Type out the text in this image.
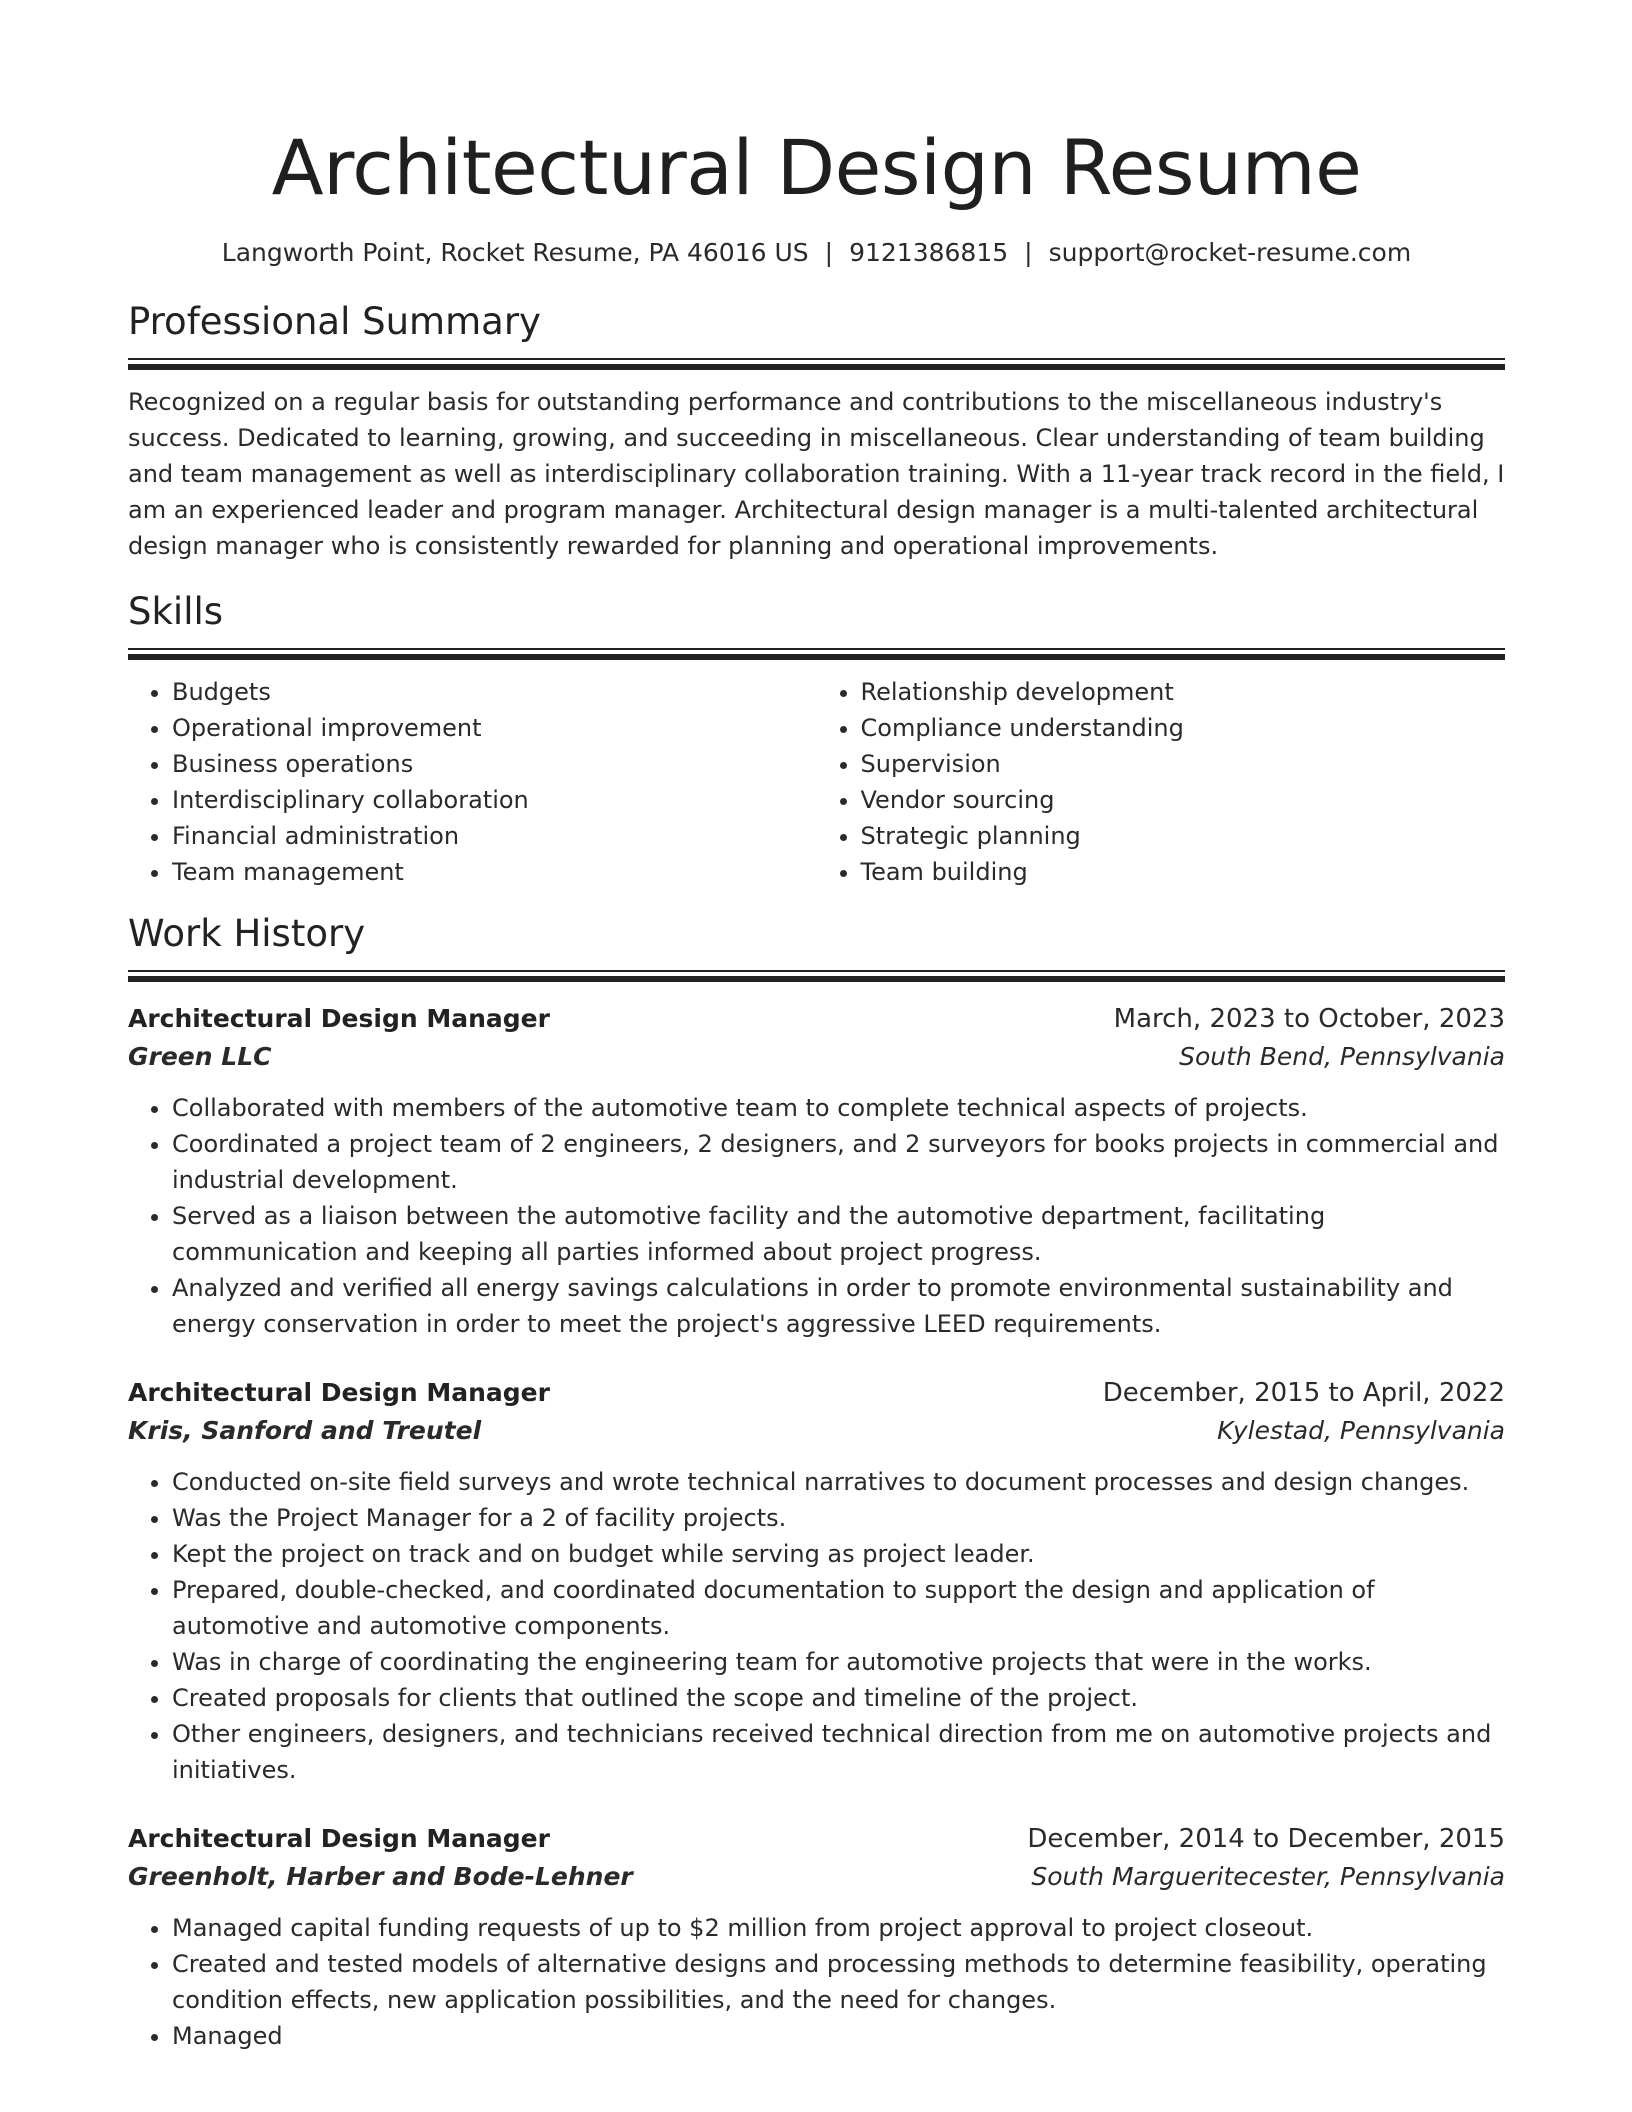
Architectural Design Resume
Langworth Point, Rocket Resume, PA 46016 US | 9121386815 | support@rocket-resume.com
Professional Summary

Recognized on a regular basis for outstanding performance and contributions to the miscellaneous industry's success. Dedicated to learning, growing, and succeeding in miscellaneous. Clear understanding of team building and team management as well as interdisciplinary collaboration training. With a 11-year track record in the field, I am an experienced leader and program manager. Architectural design manager is a multi-talented architectural design manager who is consistently rewarded for planning and operational improvements.

Skills
• Budgets
• Operational improvement
• Business operations
• Interdisciplinary collaboration
• Financial administration
• Team management
• Relationship development
• Compliance understanding
• Supervision
• Vendor sourcing
• Strategic planning
• Team building
Work History
Architectural Design Manager	March, 2023 to October, 2023
Green LLC	South Bend, Pennsylvania
• Collaborated with members of the automotive team to complete technical aspects of projects.
• Coordinated a project team of 2 engineers, 2 designers, and 2 surveyors for books projects in commercial and industrial development.
• Served as a liaison between the automotive facility and the automotive department, facilitating communication and keeping all parties informed about project progress.
• Analyzed and verified all energy savings calculations in order to promote environmental sustainability and energy conservation in order to meet the project's aggressive LEED requirements.
Architectural Design Manager	December, 2015 to April, 2022
Kris, Sanford and Treutel	Kylestad, Pennsylvania
• Conducted on-site field surveys and wrote technical narratives to document processes and design changes.
• Was the Project Manager for a 2 of facility projects.
• Kept the project on track and on budget while serving as project leader.
• Prepared, double-checked, and coordinated documentation to support the design and application of automotive and automotive components.
• Was in charge of coordinating the engineering team for automotive projects that were in the works.
• Created proposals for clients that outlined the scope and timeline of the project.
• Other engineers, designers, and technicians received technical direction from me on automotive projects and initiatives.
Architectural Design Manager	December, 2014 to December, 2015
Greenholt, Harber and Bode-Lehner	South Margueritecester, Pennsylvania
• Managed capital funding requests of up to $2 million from project approval to project closeout.
• Created and tested models of alternative designs and processing methods to determine feasibility, operating condition effects, new application possibilities, and the need for changes.
• Managed
